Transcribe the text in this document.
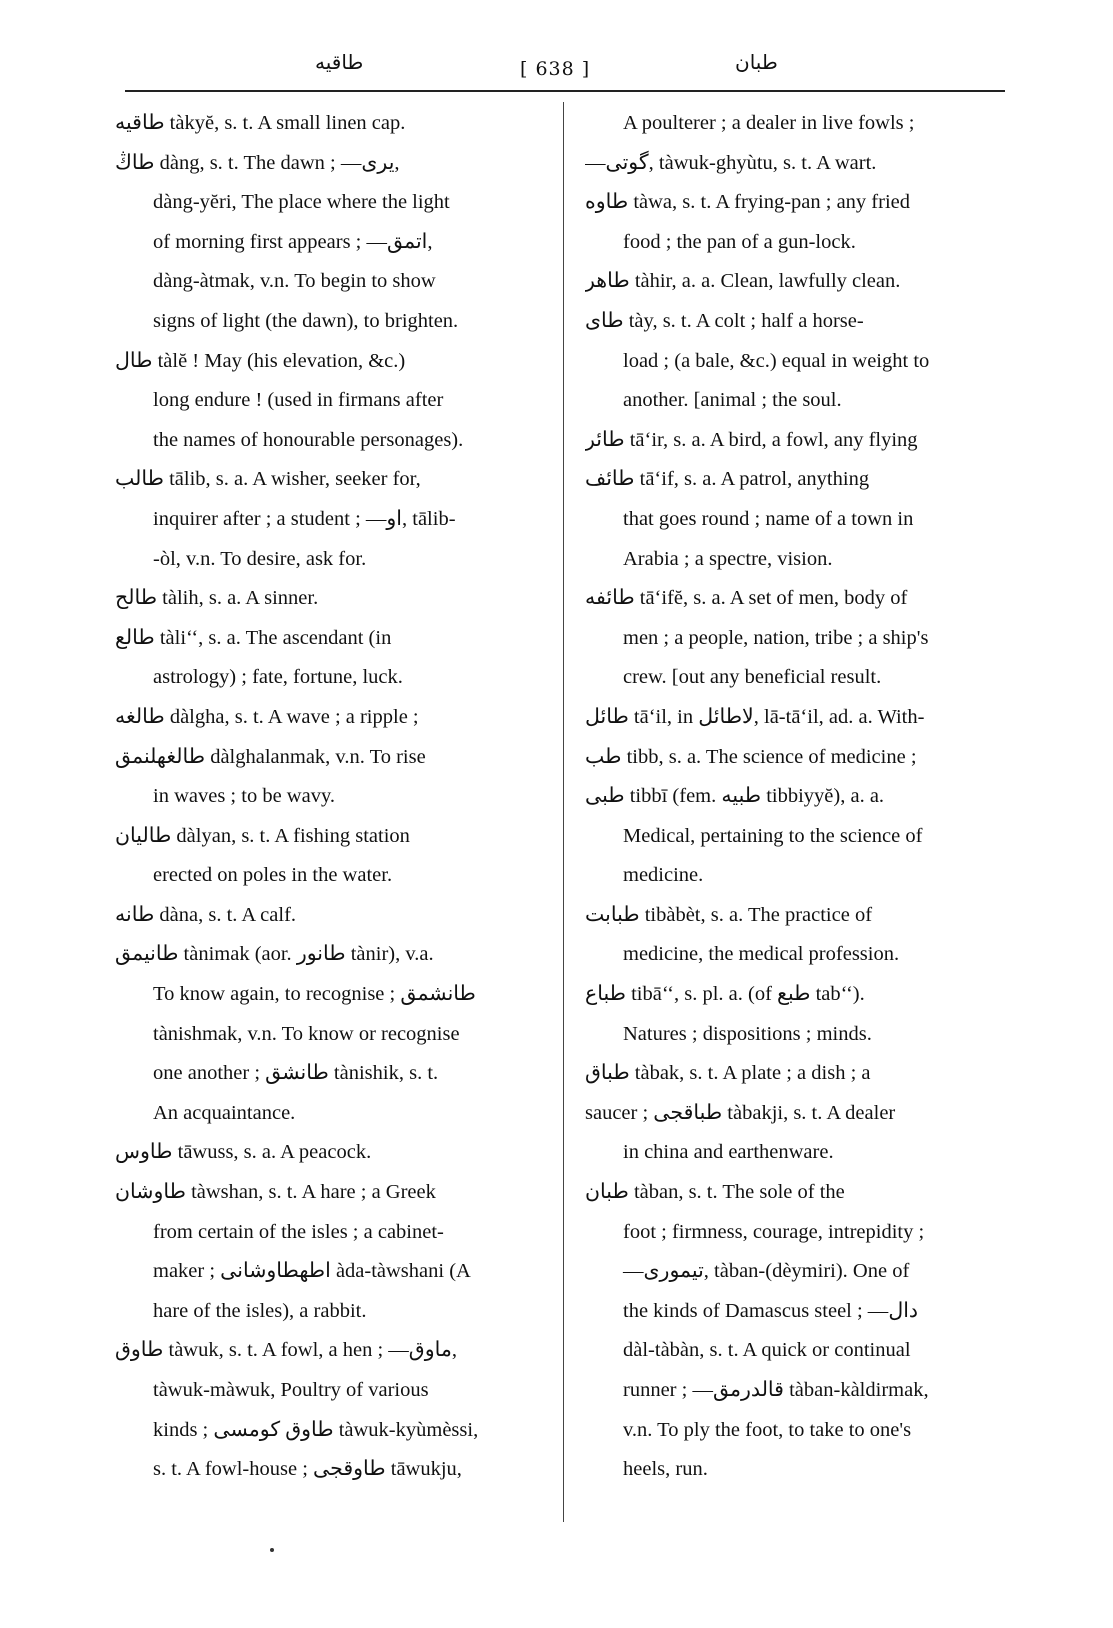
طاقیه	[ 638 ]	طبان
طاقیه tàkyĕ, s. t. A small linen cap.
طاڭ dàng, s. t. The dawn ; —یری,
dàng-yĕri, The place where the light
of morning first appears ; —اتمق,
dàng-àtmak, v.n. To begin to show
signs of light (the dawn), to brighten.
طال tàlĕ ! May (his elevation, &c.)
long endure ! (used in firmans after
the names of honourable personages).
طالب tālib, s. a. A wisher, seeker for,
inquirer after ; a student ; —او, tālib-
-òl, v.n. To desire, ask for.
طالح tàlih, s. a. A sinner.
طالع tàli‘‘, s. a. The ascendant (in
astrology) ; fate, fortune, luck.
طالغه dàlgha, s. t. A wave ; a ripple ;
طالغهلنمق dàlghalanmak, v.n. To rise
in waves ; to be wavy.
طاليان dàlyan, s. t. A fishing station
erected on poles in the water.
طانه dàna, s. t. A calf.
طانيمق tànimak (aor. طانور tànir), v.a.
To know again, to recognise ; طانشمق
tànishmak, v.n. To know or recognise
one another ; طانشق tànishik, s. t.
An acquaintance.
طاوس tāwuss, s. a. A peacock.
طاوشان tàwshan, s. t. A hare ; a Greek
from certain of the isles ; a cabinet-
maker ; اطهطاوشانی àda-tàwshani (A
hare of the isles), a rabbit.
طاوق tàwuk, s. t. A fowl, a hen ; —ماوق,
tàwuk-màwuk, Poultry of various
kinds ; طاوق كومسی tàwuk-kyùmèssi,
s. t. A fowl-house ; طاوقجی tāwukju,
A poulterer ; a dealer in live fowls ;
—گوتی, tàwuk-ghyùtu, s. t. A wart.
طاوه tàwa, s. t. A frying-pan ; any fried
food ; the pan of a gun-lock.
طاهر tàhir, a. a. Clean, lawfully clean.
طای tày, s. t. A colt ; half a horse-
load ; (a bale, &c.) equal in weight to
another. [animal ; the soul.
طائر tā‘ir, s. a. A bird, a fowl, any flying
طائف tā‘if, s. a. A patrol, anything
that goes round ; name of a town in
Arabia ; a spectre, vision.
طائفه tā‘ifĕ, s. a. A set of men, body of
men ; a people, nation, tribe ; a ship's
crew. [out any beneficial result.
طائل tā‘il, in لاطائل, lā-tā‘il, ad. a. With-
طب tibb, s. a. The science of medicine ;
طبی tibbī (fem. طبیه tibbiyyĕ), a. a.
Medical, pertaining to the science of
medicine.
طبابت tibàbèt, s. a. The practice of
medicine, the medical profession.
طباع tibā‘‘, s. pl. a. (of طبع tab‘‘).
Natures ; dispositions ; minds.
طباق tàbak, s. t. A plate ; a dish ; a
saucer ; طباقجی tàbakji, s. t. A dealer
in china and earthenware.
طبان tàban, s. t. The sole of the
foot ; firmness, courage, intrepidity ;
—تیموری, tàban-(dèymiri). One of
the kinds of Damascus steel ; —دال
dàl-tàbàn, s. t. A quick or continual
runner ; —قالدرمق tàban-kàldirmak,
v.n. To ply the foot, to take to one's
heels, run.
